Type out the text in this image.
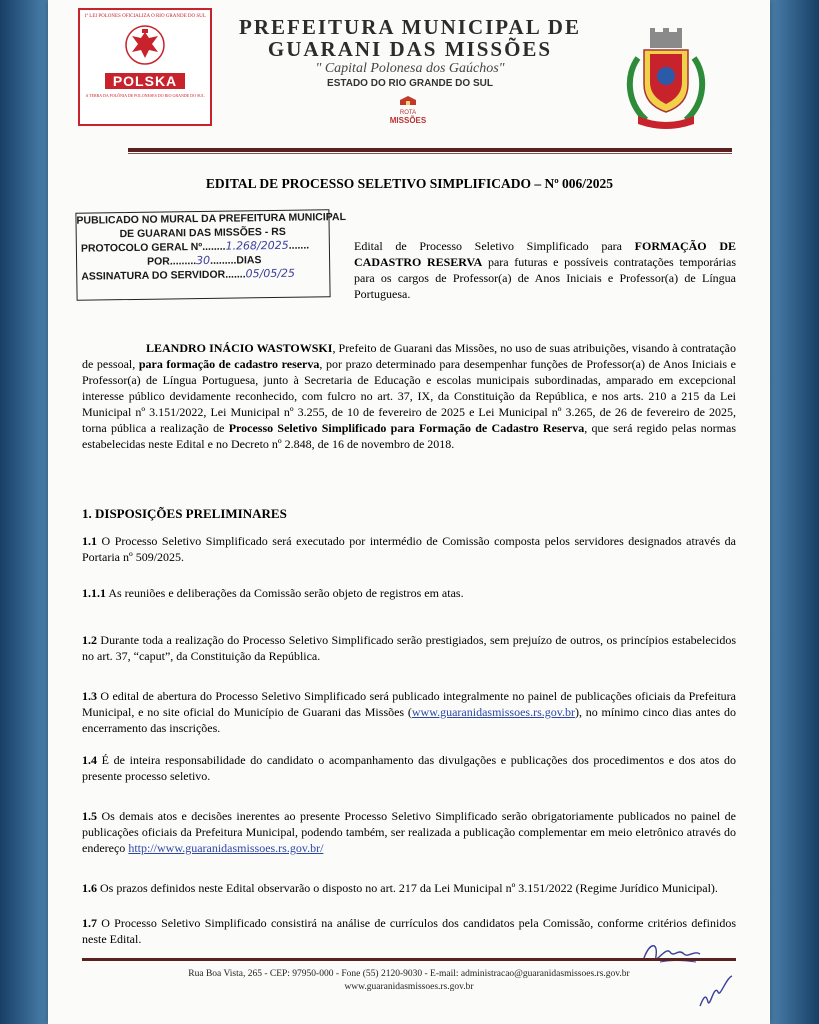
1ª LEI POLONES OFICIALIZA O RIO GRANDE DO SUL
POLSKA
A TERRA DA POLÔNIA DE POLONESES DO RIO GRANDE DO SUL
PREFEITURA MUNICIPAL DE
GUARANI DAS MISSÕES
" Capital Polonesa dos Gaúchos"
ESTADO DO RIO GRANDE DO SUL
ROTA
MISSÕES
EDITAL DE PROCESSO SELETIVO SIMPLIFICADO – Nº 006/2025
PUBLICADO NO MURAL DA PREFEITURA MUNICIPAL
DE GUARANI DAS MISSÕES - RS
PROTOCOLO GERAL Nº........1.268/2025.......
POR.........30.........DIAS
ASSINATURA DO SERVIDOR.......05/05/25
Edital de Processo Seletivo Simplificado para FORMAÇÃO DE CADASTRO RESERVA para futuras e possíveis contratações temporárias para os cargos de Professor(a) de Anos Iniciais e Professor(a) de Língua Portuguesa.

LEANDRO INÁCIO WASTOWSKI, Prefeito de Guarani das Missões, no uso de suas atribuições, visando à contratação de pessoal, para formação de cadastro reserva, por prazo determinado para desempenhar funções de Professor(a) de Anos Iniciais e Professor(a) de Língua Portuguesa, junto à Secretaria de Educação e escolas municipais subordinadas, amparado em excepcional interesse público devidamente reconhecido, com fulcro no art. 37, IX, da Constituição da República, e nos arts. 210 a 215 da Lei Municipal nº 3.151/2022, Lei Municipal nº 3.255, de 10 de fevereiro de 2025 e Lei Municipal nº 3.265, de 26 de fevereiro de 2025, torna pública a realização de Processo Seletivo Simplificado para Formação de Cadastro Reserva, que será regido pelas normas estabelecidas neste Edital e no Decreto nº 2.848, de 16 de novembro de 2018.

1. DISPOSIÇÕES PRELIMINARES
1.1 O Processo Seletivo Simplificado será executado por intermédio de Comissão composta pelos servidores designados através da Portaria nº 509/2025.
1.1.1 As reuniões e deliberações da Comissão serão objeto de registros em atas.
1.2 Durante toda a realização do Processo Seletivo Simplificado serão prestigiados, sem prejuízo de outros, os princípios estabelecidos no art. 37, “caput”, da Constituição da República.
1.3 O edital de abertura do Processo Seletivo Simplificado será publicado integralmente no painel de publicações oficiais da Prefeitura Municipal, e no site oficial do Município de Guarani das Missões (www.guaranidasmissoes.rs.gov.br), no mínimo cinco dias antes do encerramento das inscrições.
1.4 É de inteira responsabilidade do candidato o acompanhamento das divulgações e publicações dos procedimentos e dos atos do presente processo seletivo.
1.5 Os demais atos e decisões inerentes ao presente Processo Seletivo Simplificado serão obrigatoriamente publicados no painel de publicações oficiais da Prefeitura Municipal, podendo também, ser realizada a publicação complementar em meio eletrônico através do endereço http://www.guaranidasmissoes.rs.gov.br/
1.6 Os prazos definidos neste Edital observarão o disposto no art. 217 da Lei Municipal nº 3.151/2022 (Regime Jurídico Municipal).
1.7 O Processo Seletivo Simplificado consistirá na análise de currículos dos candidatos pela Comissão, conforme critérios definidos neste Edital.
Rua Boa Vista, 265 - CEP: 97950-000 - Fone (55) 2120-9030 - E-mail: administracao@guaranidasmissoes.rs.gov.br
www.guaranidasmissoes.rs.gov.br
